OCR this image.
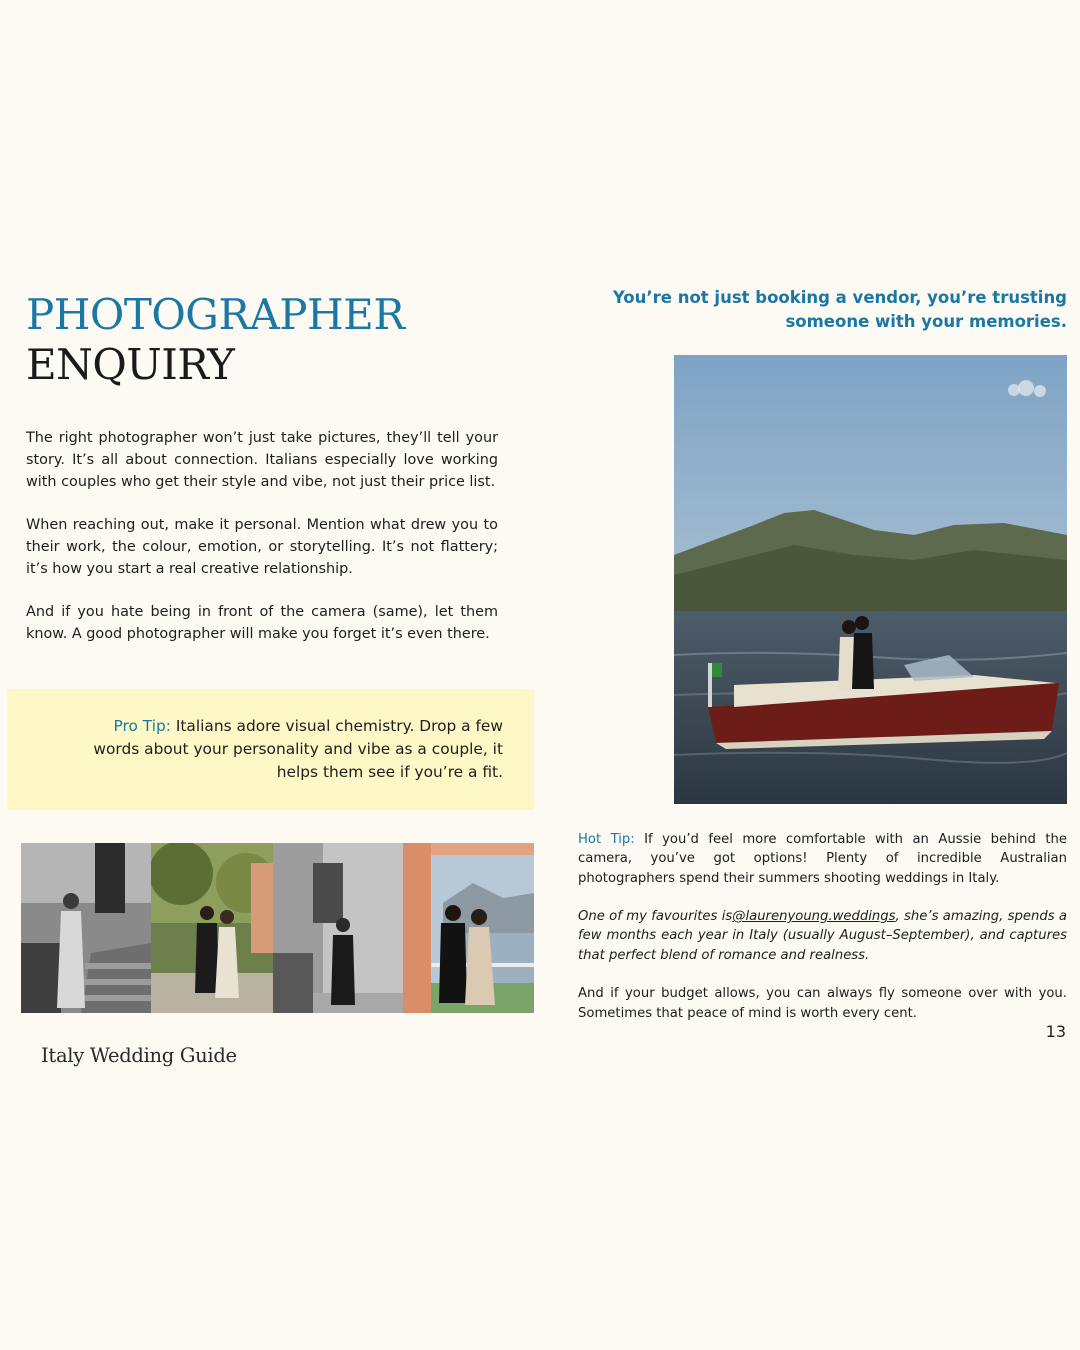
PHOTOGRAPHER
ENQUIRY

The right photographer won’t just take pictures, they’ll tell your story. It’s all about connection. Italians especially love working with couples who get their style and vibe, not just their price list.

When reaching out, make it personal. Mention what drew you to their work, the colour, emotion, or storytelling. It’s not flattery; it’s how you start a real creative relationship.

And if you hate being in front of the camera (same), let them know. A good photographer will make you forget it’s even there.

Pro Tip: Italians adore visual chemistry. Drop a few words about your personality and vibe as a couple, it helps them see if you’re a fit.
Italy Wedding Guide

You’re not just booking a vendor, you’re trusting someone with your memories.

Hot Tip: If you’d feel more comfortable with an Aussie behind the camera, you’ve got options! Plenty of incredible Australian photographers spend their summers shooting weddings in Italy.

One of my favourites is@laurenyoung.weddings, she’s amazing, spends a few months each year in Italy (usually August–September), and captures that perfect blend of romance and realness.

And if your budget allows, you can always fly someone over with you. Sometimes that peace of mind is worth every cent.

13
